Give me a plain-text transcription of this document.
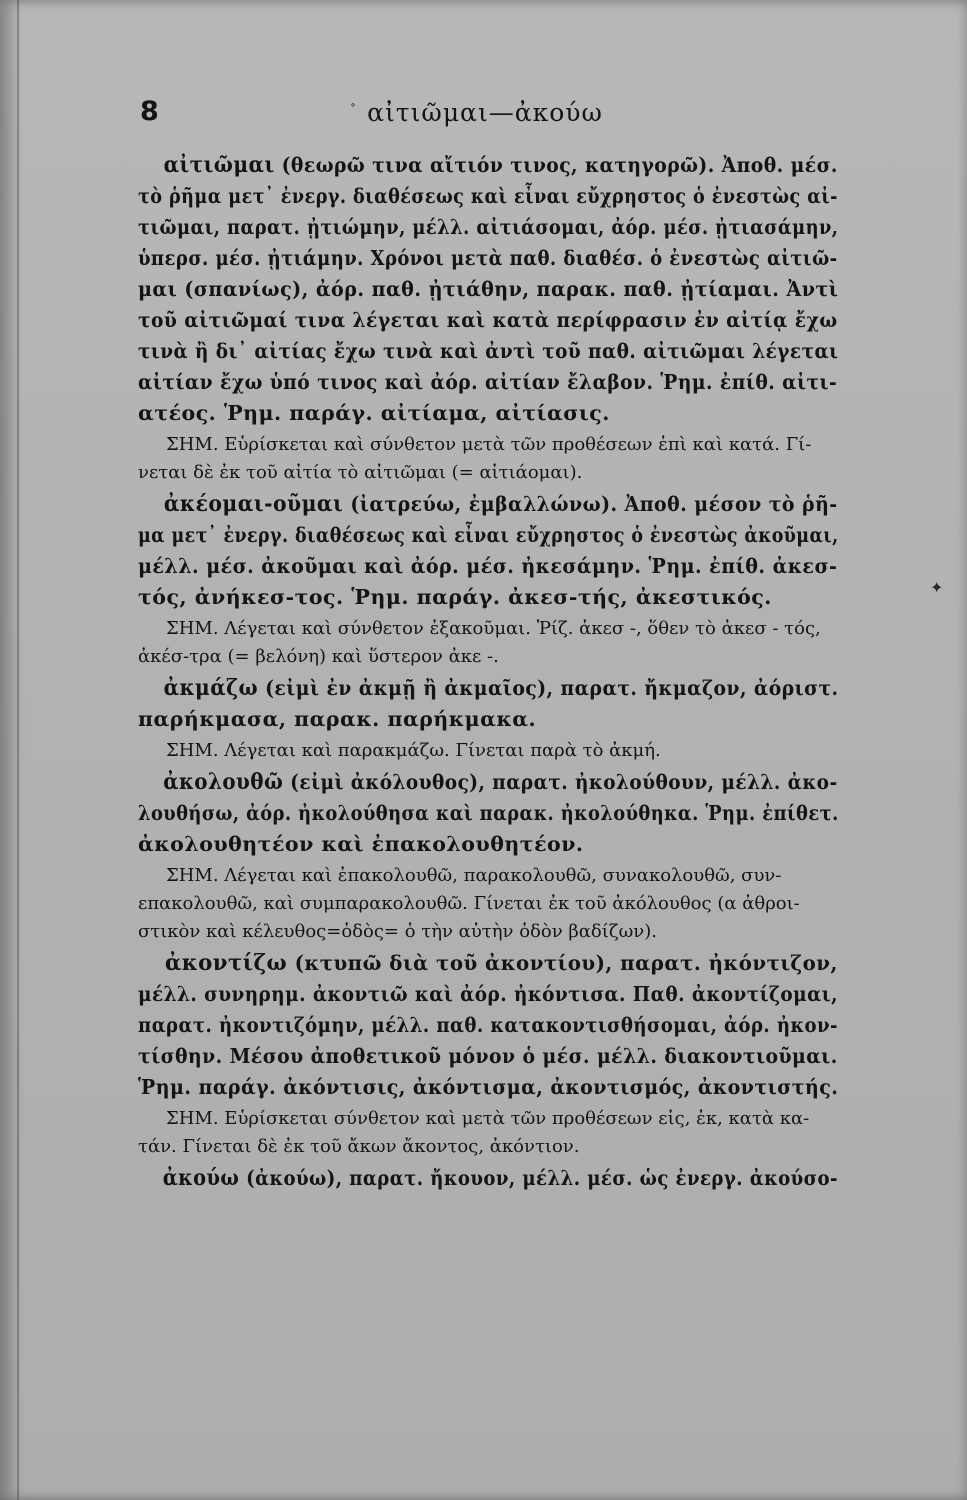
8	αἰτιῶμαι—ἀκούω
αἰτιῶμαι (θεωρῶ τινα αἴτιόν τινος, κατηγορῶ). Ἀποθ. μέσ.
τὸ ῥῆμα μετ᾽ ἐνεργ. διαθέσεως καὶ εἶναι εὔχρηστος ὁ ἐνεστὼς αἰ-
τιῶμαι, παρατ. ᾐτιώμην, μέλλ. αἰτιάσομαι, ἀόρ. μέσ. ᾐτιασάμην,
ὑπερσ. μέσ. ᾐτιάμην. Χρόνοι μετὰ παθ. διαθέσ. ὁ ἐνεστὼς αἰτιῶ-
μαι (σπανίως), ἀόρ. παθ. ᾐτιάθην, παρακ. παθ. ᾐτίαμαι. Ἀντὶ
τοῦ αἰτιῶμαί τινα λέγεται καὶ κατὰ περίφρασιν ἐν αἰτίᾳ ἔχω
τινὰ ἢ δι᾽ αἰτίας ἔχω τινὰ καὶ ἀντὶ τοῦ παθ. αἰτιῶμαι λέγεται
αἰτίαν ἔχω ὑπό τινος καὶ ἀόρ. αἰτίαν ἔλαβον. Ῥημ. ἐπίθ. αἰτι-
ατέος. Ῥημ. παράγ. αἰτίαμα, αἰτίασις.
ΣΗΜ. Εὑρίσκεται καὶ σύνθετον μετὰ τῶν προθέσεων ἐπὶ καὶ κατά. Γί-
νεται δὲ ἐκ τοῦ αἰτία τὸ αἰτιῶμαι (= αἰτιάομαι).
ἀκέομαι-οῦμαι (ἰατρεύω, ἐμβαλλώνω). Ἀποθ. μέσον τὸ ῥῆ-
μα μετ᾽ ἐνεργ. διαθέσεως καὶ εἶναι εὔχρηστος ὁ ἐνεστὼς ἀκοῦμαι,
μέλλ. μέσ. ἀκοῦμαι καὶ ἀόρ. μέσ. ἠκεσάμην. Ῥημ. ἐπίθ. ἀκεσ-
τός, ἀνήκεσ-τος. Ῥημ. παράγ. ἀκεσ-τής, ἀκεστικός.
ΣΗΜ. Λέγεται καὶ σύνθετον ἐξακοῦμαι. Ῥίζ. ἀκεσ -, ὅθεν τὸ ἀκεσ - τός,
ἀκέσ-τρα (= βελόνη) καὶ ὕστερον ἀκε -.
ἀκμάζω (εἰμὶ ἐν ἀκμῇ ἢ ἀκμαῖος), παρατ. ἤκμαζον, ἀόριστ.
παρήκμασα, παρακ. παρήκμακα.
ΣΗΜ. Λέγεται καὶ παρακμάζω. Γίνεται παρὰ τὸ ἀκμή.
ἀκολουθῶ (εἰμὶ ἀκόλουθος), παρατ. ἠκολούθουν, μέλλ. ἀκο-
λουθήσω, ἀόρ. ἠκολούθησα καὶ παρακ. ἠκολούθηκα. Ῥημ. ἐπίθετ.
ἀκολουθητέον καὶ ἐπακολουθητέον.
ΣΗΜ. Λέγεται καὶ ἐπακολουθῶ, παρακολουθῶ, συνακολουθῶ, συν-
επακολουθῶ, καὶ συμπαρακολουθῶ. Γίνεται ἐκ τοῦ ἀκόλουθος (α ἀθροι-
στικὸν καὶ κέλευθος=ὁδὸς= ὁ τὴν αὐτὴν ὁδὸν βαδίζων).
ἀκοντίζω (κτυπῶ διὰ τοῦ ἀκοντίου), παρατ. ἠκόντιζον,
μέλλ. συνηρημ. ἀκοντιῶ καὶ ἀόρ. ἠκόντισα. Παθ. ἀκοντίζομαι,
παρατ. ἠκοντιζόμην, μέλλ. παθ. κατακοντισθήσομαι, ἀόρ. ἠκον-
τίσθην. Μέσου ἀποθετικοῦ μόνον ὁ μέσ. μέλλ. διακοντιοῦμαι.
Ῥημ. παράγ. ἀκόντισις, ἀκόντισμα, ἀκοντισμός, ἀκοντιστής.
ΣΗΜ. Εὑρίσκεται σύνθετον καὶ μετὰ τῶν προθέσεων εἰς, ἐκ, κατὰ κα-
τάν. Γίνεται δὲ ἐκ τοῦ ἄκων ἄκοντος, ἀκόντιον.
ἀκούω (ἀκούω), παρατ. ἤκουον, μέλλ. μέσ. ὡς ἐνεργ. ἀκούσο-
✦
˚
